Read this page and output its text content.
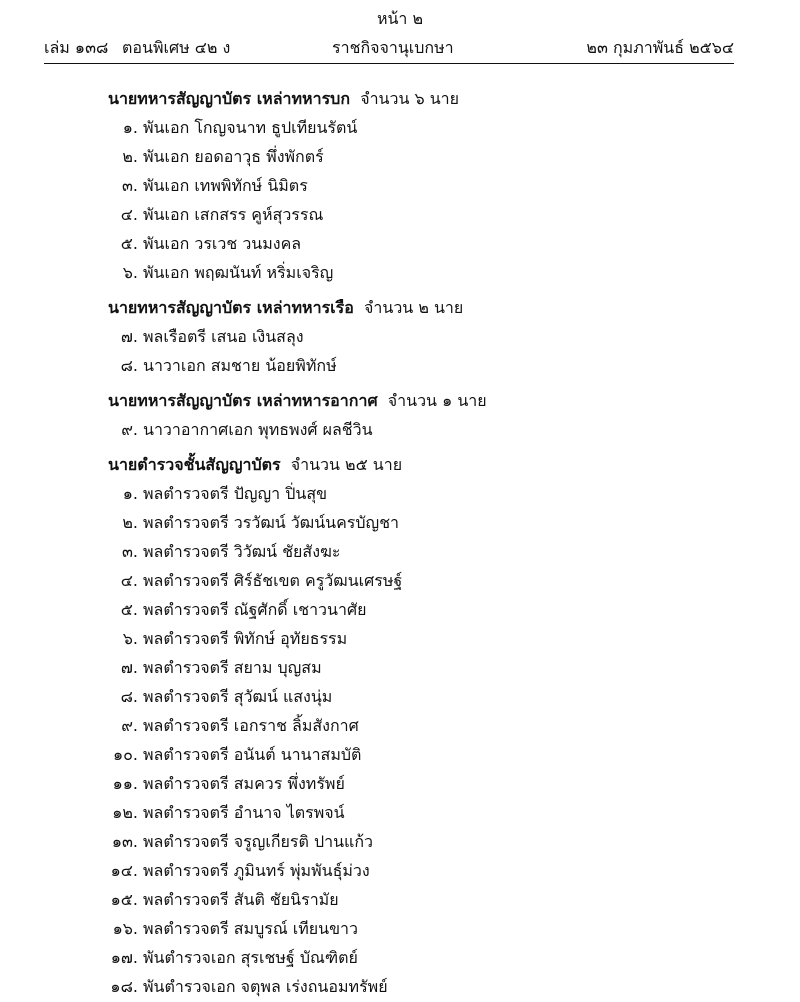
หน้า ๒
เล่ม ๑๓๘ ตอนพิเศษ ๔๒ ง	ราชกิจจานุเบกษา	๒๓ กุมภาพันธ์ ๒๕๖๔
นายทหารสัญญาบัตร เหล่าทหารบก จำนวน ๖ นาย
๑. พันเอก โกญจนาท ธูปเทียนรัตน์
๒. พันเอก ยอดอาวุธ พึ่งพักตร์
๓. พันเอก เทพพิทักษ์ นิมิตร
๔. พันเอก เสกสรร คูห์สุวรรณ
๕. พันเอก วรเวช วนมงคล
๖. พันเอก พฤฒนันท์ หริ่มเจริญ
นายทหารสัญญาบัตร เหล่าทหารเรือ จำนวน ๒ นาย
๗. พลเรือตรี เสนอ เงินสลุง
๘. นาวาเอก สมชาย น้อยพิทักษ์
นายทหารสัญญาบัตร เหล่าทหารอากาศ จำนวน ๑ นาย
๙. นาวาอากาศเอก พุทธพงศ์ ผลชีวิน
นายตำรวจชั้นสัญญาบัตร จำนวน ๒๕ นาย
๑. พลตำรวจตรี ปัญญา ปิ่นสุข
๒. พลตำรวจตรี วรวัฒน์ วัฒน์นครบัญชา
๓. พลตำรวจตรี วิวัฒน์ ชัยสังฆะ
๔. พลตำรวจตรี ศิร์ธัชเขต ครูวัฒนเศรษฐ์
๕. พลตำรวจตรี ณัฐศักดิ์ เชาวนาศัย
๖. พลตำรวจตรี พิทักษ์ อุทัยธรรม
๗. พลตำรวจตรี สยาม บุญสม
๘. พลตำรวจตรี สุวัฒน์ แสงนุ่ม
๙. พลตำรวจตรี เอกราช ลิ้มสังกาศ
๑๐. พลตำรวจตรี อนันต์ นานาสมบัติ
๑๑. พลตำรวจตรี สมควร พึ่งทรัพย์
๑๒. พลตำรวจตรี อำนาจ ไตรพจน์
๑๓. พลตำรวจตรี จรูญเกียรติ ปานแก้ว
๑๔. พลตำรวจตรี ภูมินทร์ พุ่มพันธุ์ม่วง
๑๕. พลตำรวจตรี สันติ ชัยนิรามัย
๑๖. พลตำรวจตรี สมบูรณ์ เทียนขาว
๑๗. พันตำรวจเอก สุรเชษฐ์ บัณฑิตย์
๑๘. พันตำรวจเอก จตุพล เร่งถนอมทรัพย์
